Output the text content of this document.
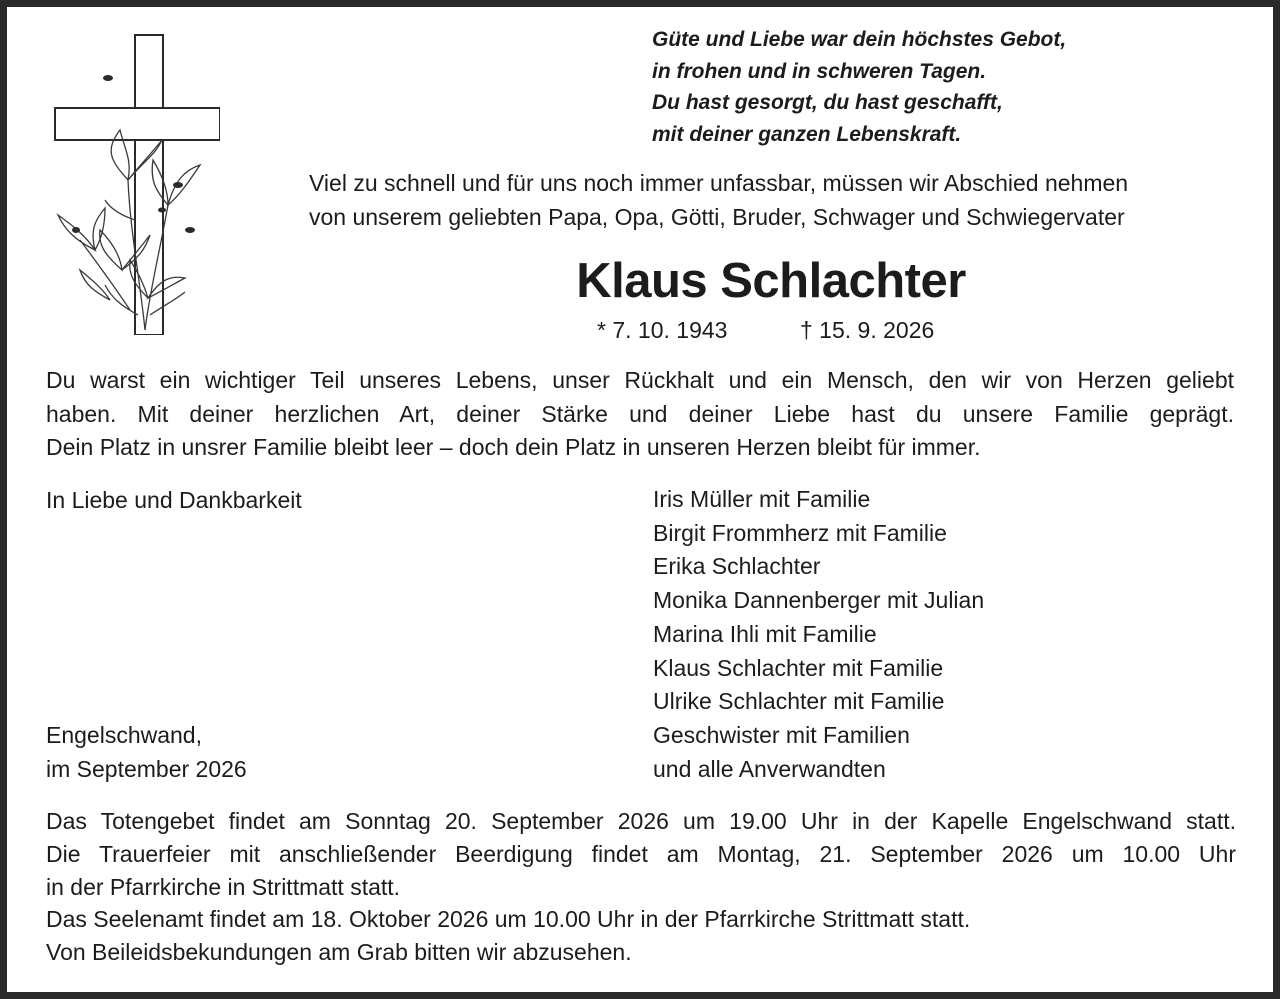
Güte und Liebe war dein höchstes Gebot,
in frohen und in schweren Tagen.
Du hast gesorgt, du hast geschafft,
mit deiner ganzen Lebenskraft.
Viel zu schnell und für uns noch immer unfassbar, müssen wir Abschied nehmen
von unserem geliebten Papa, Opa, Götti, Bruder, Schwager und Schwiegervater
Klaus Schlachter
* 7. 10. 1943	† 15. 9. 2026
Du warst ein wichtiger Teil unseres Lebens, unser Rückhalt und ein Mensch, den wir von Herzen geliebt
haben. Mit deiner herzlichen Art, deiner Stärke und deiner Liebe hast du unsere Familie geprägt.
Dein Platz in unsrer Familie bleibt leer – doch dein Platz in unseren Herzen bleibt für immer.
In Liebe und Dankbarkeit
Engelschwand,
im September 2026
Iris Müller mit Familie
Birgit Frommherz mit Familie
Erika Schlachter
Monika Dannenberger mit Julian
Marina Ihli mit Familie
Klaus Schlachter mit Familie
Ulrike Schlachter mit Familie
Geschwister mit Familien
und alle Anverwandten
Das Totengebet findet am Sonntag 20. September 2026 um 19.00 Uhr in der Kapelle Engelschwand statt.
Die Trauerfeier mit anschließender Beerdigung findet am Montag, 21. September 2026 um 10.00 Uhr
in der Pfarrkirche in Strittmatt statt.
Das Seelenamt findet am 18. Oktober 2026 um 10.00 Uhr in der Pfarrkirche Strittmatt statt.
Von Beileidsbekundungen am Grab bitten wir abzusehen.
